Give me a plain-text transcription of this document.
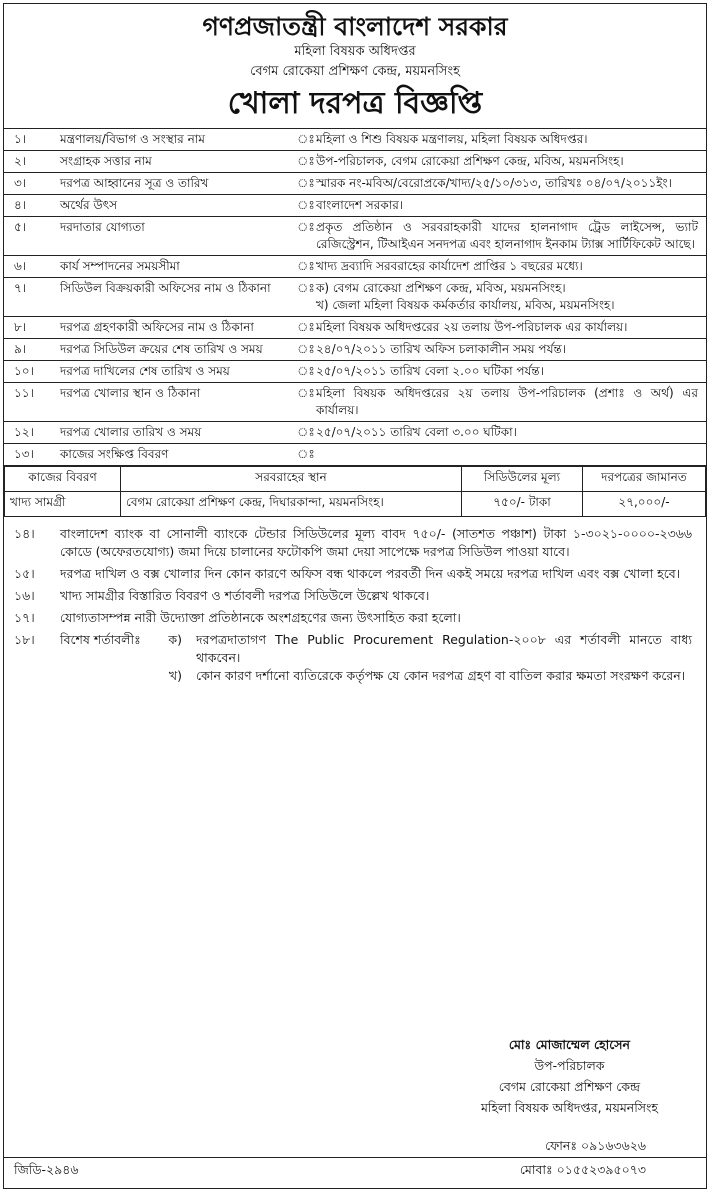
গণপ্রজাতন্ত্রী বাংলাদেশ সরকার
মহিলা বিষয়ক অধিদপ্তর
বেগম রোকেয়া প্রশিক্ষণ কেন্দ্র, ময়মনসিংহ
খোলা দরপত্র বিজ্ঞপ্তি
১।	মন্ত্রণালয়/বিভাগ ও সংস্থার নাম	ঃ মহিলা ও শিশু বিষয়ক মন্ত্রণালয়, মহিলা বিষয়ক অধিদপ্তর।
২।	সংগ্রাহক সত্তার নাম	ঃ উপ-পরিচালক, বেগম রোকেয়া প্রশিক্ষণ কেন্দ্র, মবিঅ, ময়মনসিংহ।
৩।	দরপত্র আহ্বানের সূত্র ও তারিখ	ঃ স্মারক নং-মবিঅ/বেরোপ্রকে/খাদ্য/২৫/১০/৩১৩, তারিখঃ ০৪/০৭/২০১১ইং।
৪।	অর্থের উৎস	ঃ বাংলাদেশ সরকার।
৫।	দরদাতার যোগ্যতা	ঃ প্রকৃত প্রতিষ্ঠান ও সরবরাহকারী যাদের হালনাগাদ ট্রেড লাইসেন্স, ভ্যাট রেজিস্ট্রেশন, টিআইএন সনদপত্র এবং হালনাগাদ ইনকাম ট্যাক্স সার্টিফিকেট আছে।
৬।	কার্য সম্পাদনের সময়সীমা	ঃ খাদ্য দ্রব্যাদি সরবরাহের কার্যাদেশ প্রাপ্তির ১ বছরের মধ্যে।
৭।	সিডিউল বিক্রয়কারী অফিসের নাম ও ঠিকানা	ঃ ক) বেগম রোকেয়া প্রশিক্ষণ কেন্দ্র, মবিঅ, ময়মনসিংহ।
খ) জেলা মহিলা বিষয়ক কর্মকর্তার কার্যালয়, মবিঅ, ময়মনসিংহ।
৮।	দরপত্র গ্রহণকারী অফিসের নাম ও ঠিকানা	ঃ মহিলা বিষয়ক অধিদপ্তরের ২য় তলায় উপ-পরিচালক এর কার্যালয়।
৯।	দরপত্র সিডিউল ক্রয়ের শেষ তারিখ ও সময়	ঃ ২৪/০৭/২০১১ তারিখ অফিস চলাকালীন সময় পর্যন্ত।
১০।	দরপত্র দাখিলের শেষ তারিখ ও সময়	ঃ ২৫/০৭/২০১১ তারিখ বেলা ২.০০ ঘটিকা পর্যন্ত।
১১।	দরপত্র খোলার স্থান ও ঠিকানা	ঃ মহিলা বিষয়ক অধিদপ্তরের ২য় তলায় উপ-পরিচালক (প্রশাঃ ও অর্থ) এর কার্যালয়।
১২।	দরপত্র খোলার তারিখ ও সময়	ঃ ২৫/০৭/২০১১ তারিখ বেলা ৩.০০ ঘটিকা।
১৩।	কাজের সংক্ষিপ্ত বিবরণ	ঃ
কাজের বিবরণ	সরবরাহের স্থান	সিডিউলের মূল্য	দরপত্রের জামানত
খাদ্য সামগ্রী	বেগম রোকেয়া প্রশিক্ষণ কেন্দ্র, দিঘারকান্দা, ময়মনসিংহ।	৭৫০/- টাকা	২৭,০০০/-
১৪।	বাংলাদেশ ব্যাংক বা সোনালী ব্যাংকে টেন্ডার সিডিউলের মূল্য বাবদ ৭৫০/- (সাতশত পঞ্চাশ) টাকা ১-৩০২১-০০০০-২৩৬৬ কোডে (অফেরতযোগ্য) জমা দিয়ে চালানের ফটোকপি জমা দেয়া সাপেক্ষে দরপত্র সিডিউল পাওয়া যাবে।
১৫।	দরপত্র দাখিল ও বক্স খোলার দিন কোন কারণে অফিস বন্ধ থাকলে পরবর্তী দিন একই সময়ে দরপত্র দাখিল এবং বক্স খোলা হবে।
১৬।	খাদ্য সামগ্রীর বিস্তারিত বিবরণ ও শর্তাবলী দরপত্র সিডিউলে উল্লেখ থাকবে।
১৭।	যোগ্যতাসম্পন্ন নারী উদ্যোক্তা প্রতিষ্ঠানকে অংশগ্রহণের জন্য উৎসাহিত করা হলো।
১৮।	বিশেষ শর্তাবলীঃ	ক)	দরপত্রদাতাগণ The Public Procurement Regulation-২০০৮ এর শর্তাবলী মানতে বাধ্য থাকবেন।
খ)	কোন কারণ দর্শানো ব্যতিরেকে কর্তৃপক্ষ যে কোন দরপত্র গ্রহণ বা বাতিল করার ক্ষমতা সংরক্ষণ করেন।
মোঃ মোজাম্মেল হোসেন
উপ-পরিচালক
বেগম রোকেয়া প্রশিক্ষণ কেন্দ্র
মহিলা বিষয়ক অধিদপ্তর, ময়মনসিংহ
ফোনঃ ০৯১৬৩৬২৬
জিডি-২৯৪৬	মোবাঃ ০১৫৫২৩৯৫০৭৩
